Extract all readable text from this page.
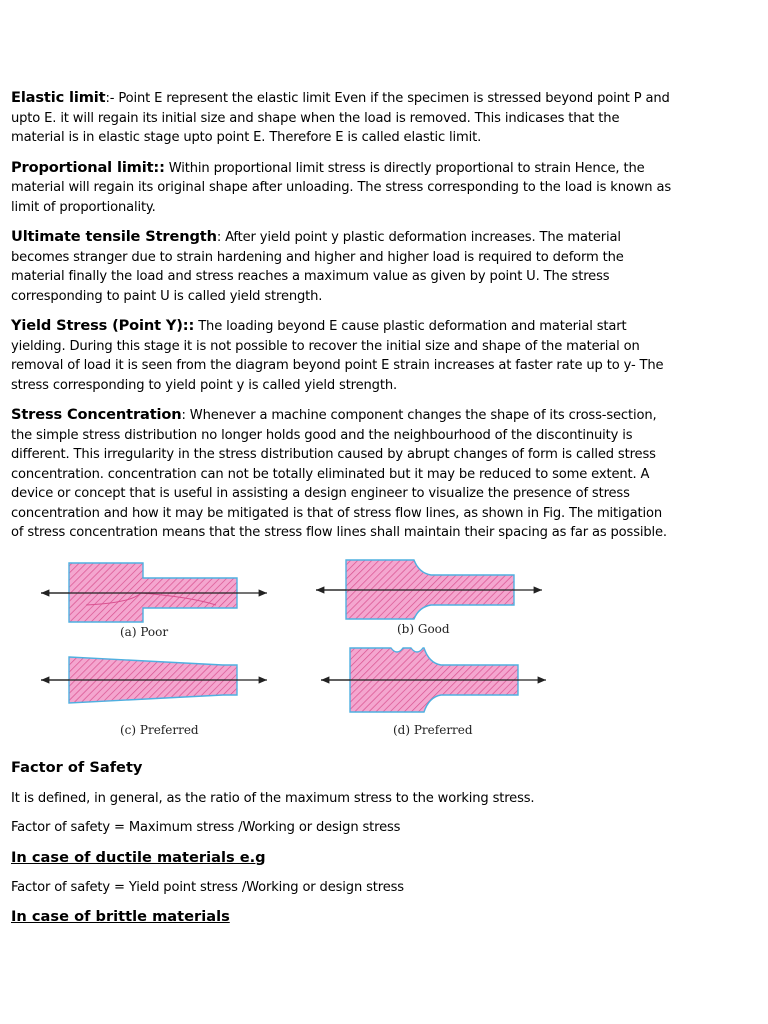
Elastic limit:- Point E represent the elastic limit Even if the specimen is stressed beyond point P and upto E. it will regain its initial size and shape when the load is removed. This indicases that the material is in elastic stage upto point E. Therefore E is called elastic limit.

Proportional limit:: Within proportional limit stress is directly proportional to strain Hence, the material will regain its original shape after unloading. The stress corresponding to the load is known as limit of proportionality.

Ultimate tensile Strength: After yield point y plastic deformation increases. The material becomes stranger due to strain hardening and higher and higher load is required to deform the material finally the load and stress reaches a maximum value as given by point U. The stress corresponding to paint U is called yield strength.

Yield Stress (Point Y):: The loading beyond E cause plastic deformation and material start yielding. During this stage it is not possible to recover the initial size and shape of the material on removal of load it is seen from the diagram beyond point E strain increases at faster rate up to y- The stress corresponding to yield point y is called yield strength.

Stress Concentration: Whenever a machine component changes the shape of its cross-section, the simple stress distribution no longer holds good and the neighbourhood of the discontinuity is different. This irregularity in the stress distribution caused by abrupt changes of form is called stress concentration. concentration can not be totally eliminated but it may be reduced to some extent. A device or concept that is useful in assisting a design engineer to visualize the presence of stress concentration and how it may be mitigated is that of stress flow lines, as shown in Fig. The mitigation of stress concentration means that the stress flow lines shall maintain their spacing as far as possible.

(a) Poor	(b) Good
(c) Preferred	(d) Preferred

Factor of Safety

It is defined, in general, as the ratio of the maximum stress to the working stress.

Factor of safety = Maximum stress /Working or design stress

In case of ductile materials e.g

Factor of safety = Yield point stress /Working or design stress

In case of brittle materials
